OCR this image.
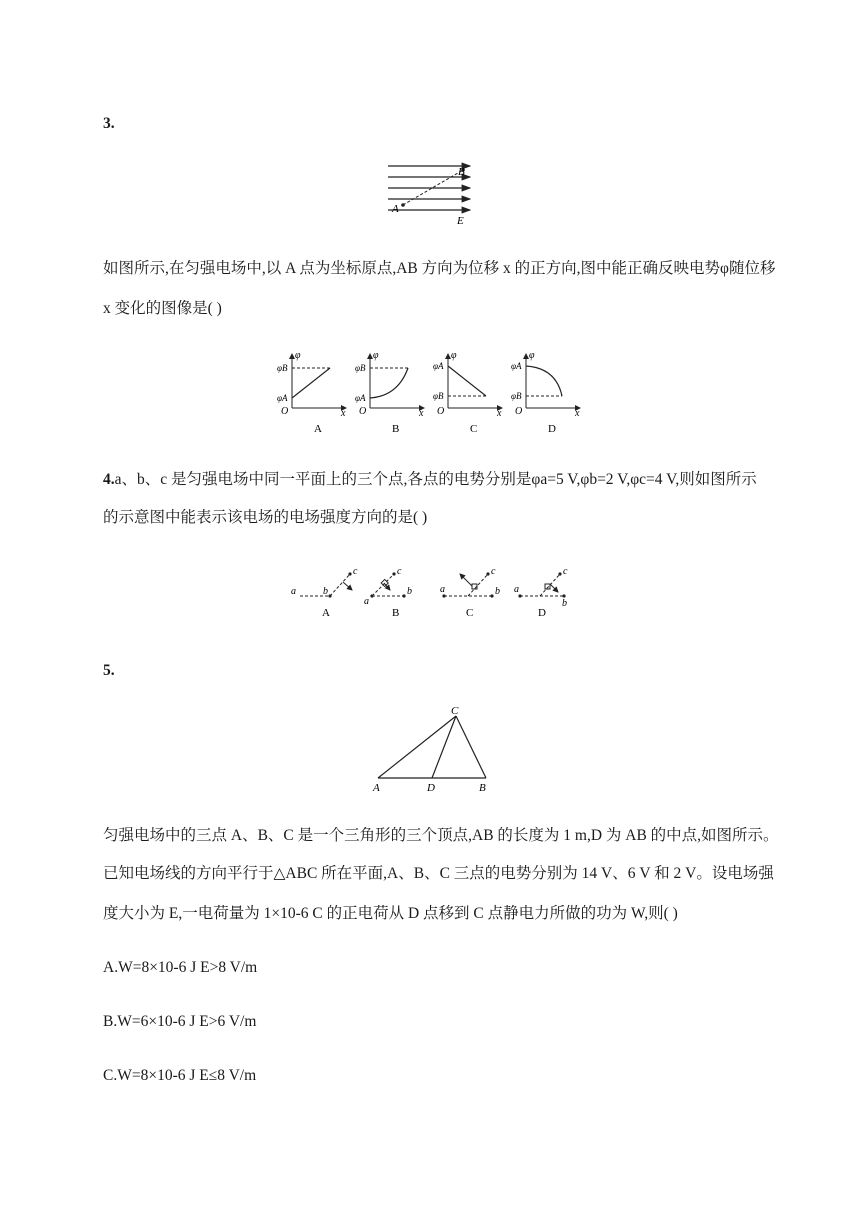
3.
A
B
E
如图所示,在匀强电场中,以 A 点为坐标原点,AB 方向为位移 x 的正方向,图中能正确反映电势φ随位移
x 变化的图像是( )
φ
x
O
φB
φA
A
φ
x
O
φB
φA
B
φ
x
O
φA
φB
C
φ
x
O
φA
φB
D
4.a、b、c 是匀强电场中同一平面上的三个点,各点的电势分别是φa=5 V,φb=2 V,φc=4 V,则如图所示
的示意图中能表示该电场的电场强度方向的是( )
a	b
c
A
a
b
c
B
a	b
c
C
a
b
c
D
5.
C
A	D	B
匀强电场中的三点 A、B、C 是一个三角形的三个顶点,AB 的长度为 1 m,D 为 AB 的中点,如图所示。
已知电场线的方向平行于△ABC 所在平面,A、B、C 三点的电势分别为 14 V、6 V 和 2 V。设电场强
度大小为 E,一电荷量为 1×10-6 C 的正电荷从 D 点移到 C 点静电力所做的功为 W,则( )
A.W=8×10-6 J E>8 V/m
B.W=6×10-6 J E>6 V/m
C.W=8×10-6 J E≤8 V/m
